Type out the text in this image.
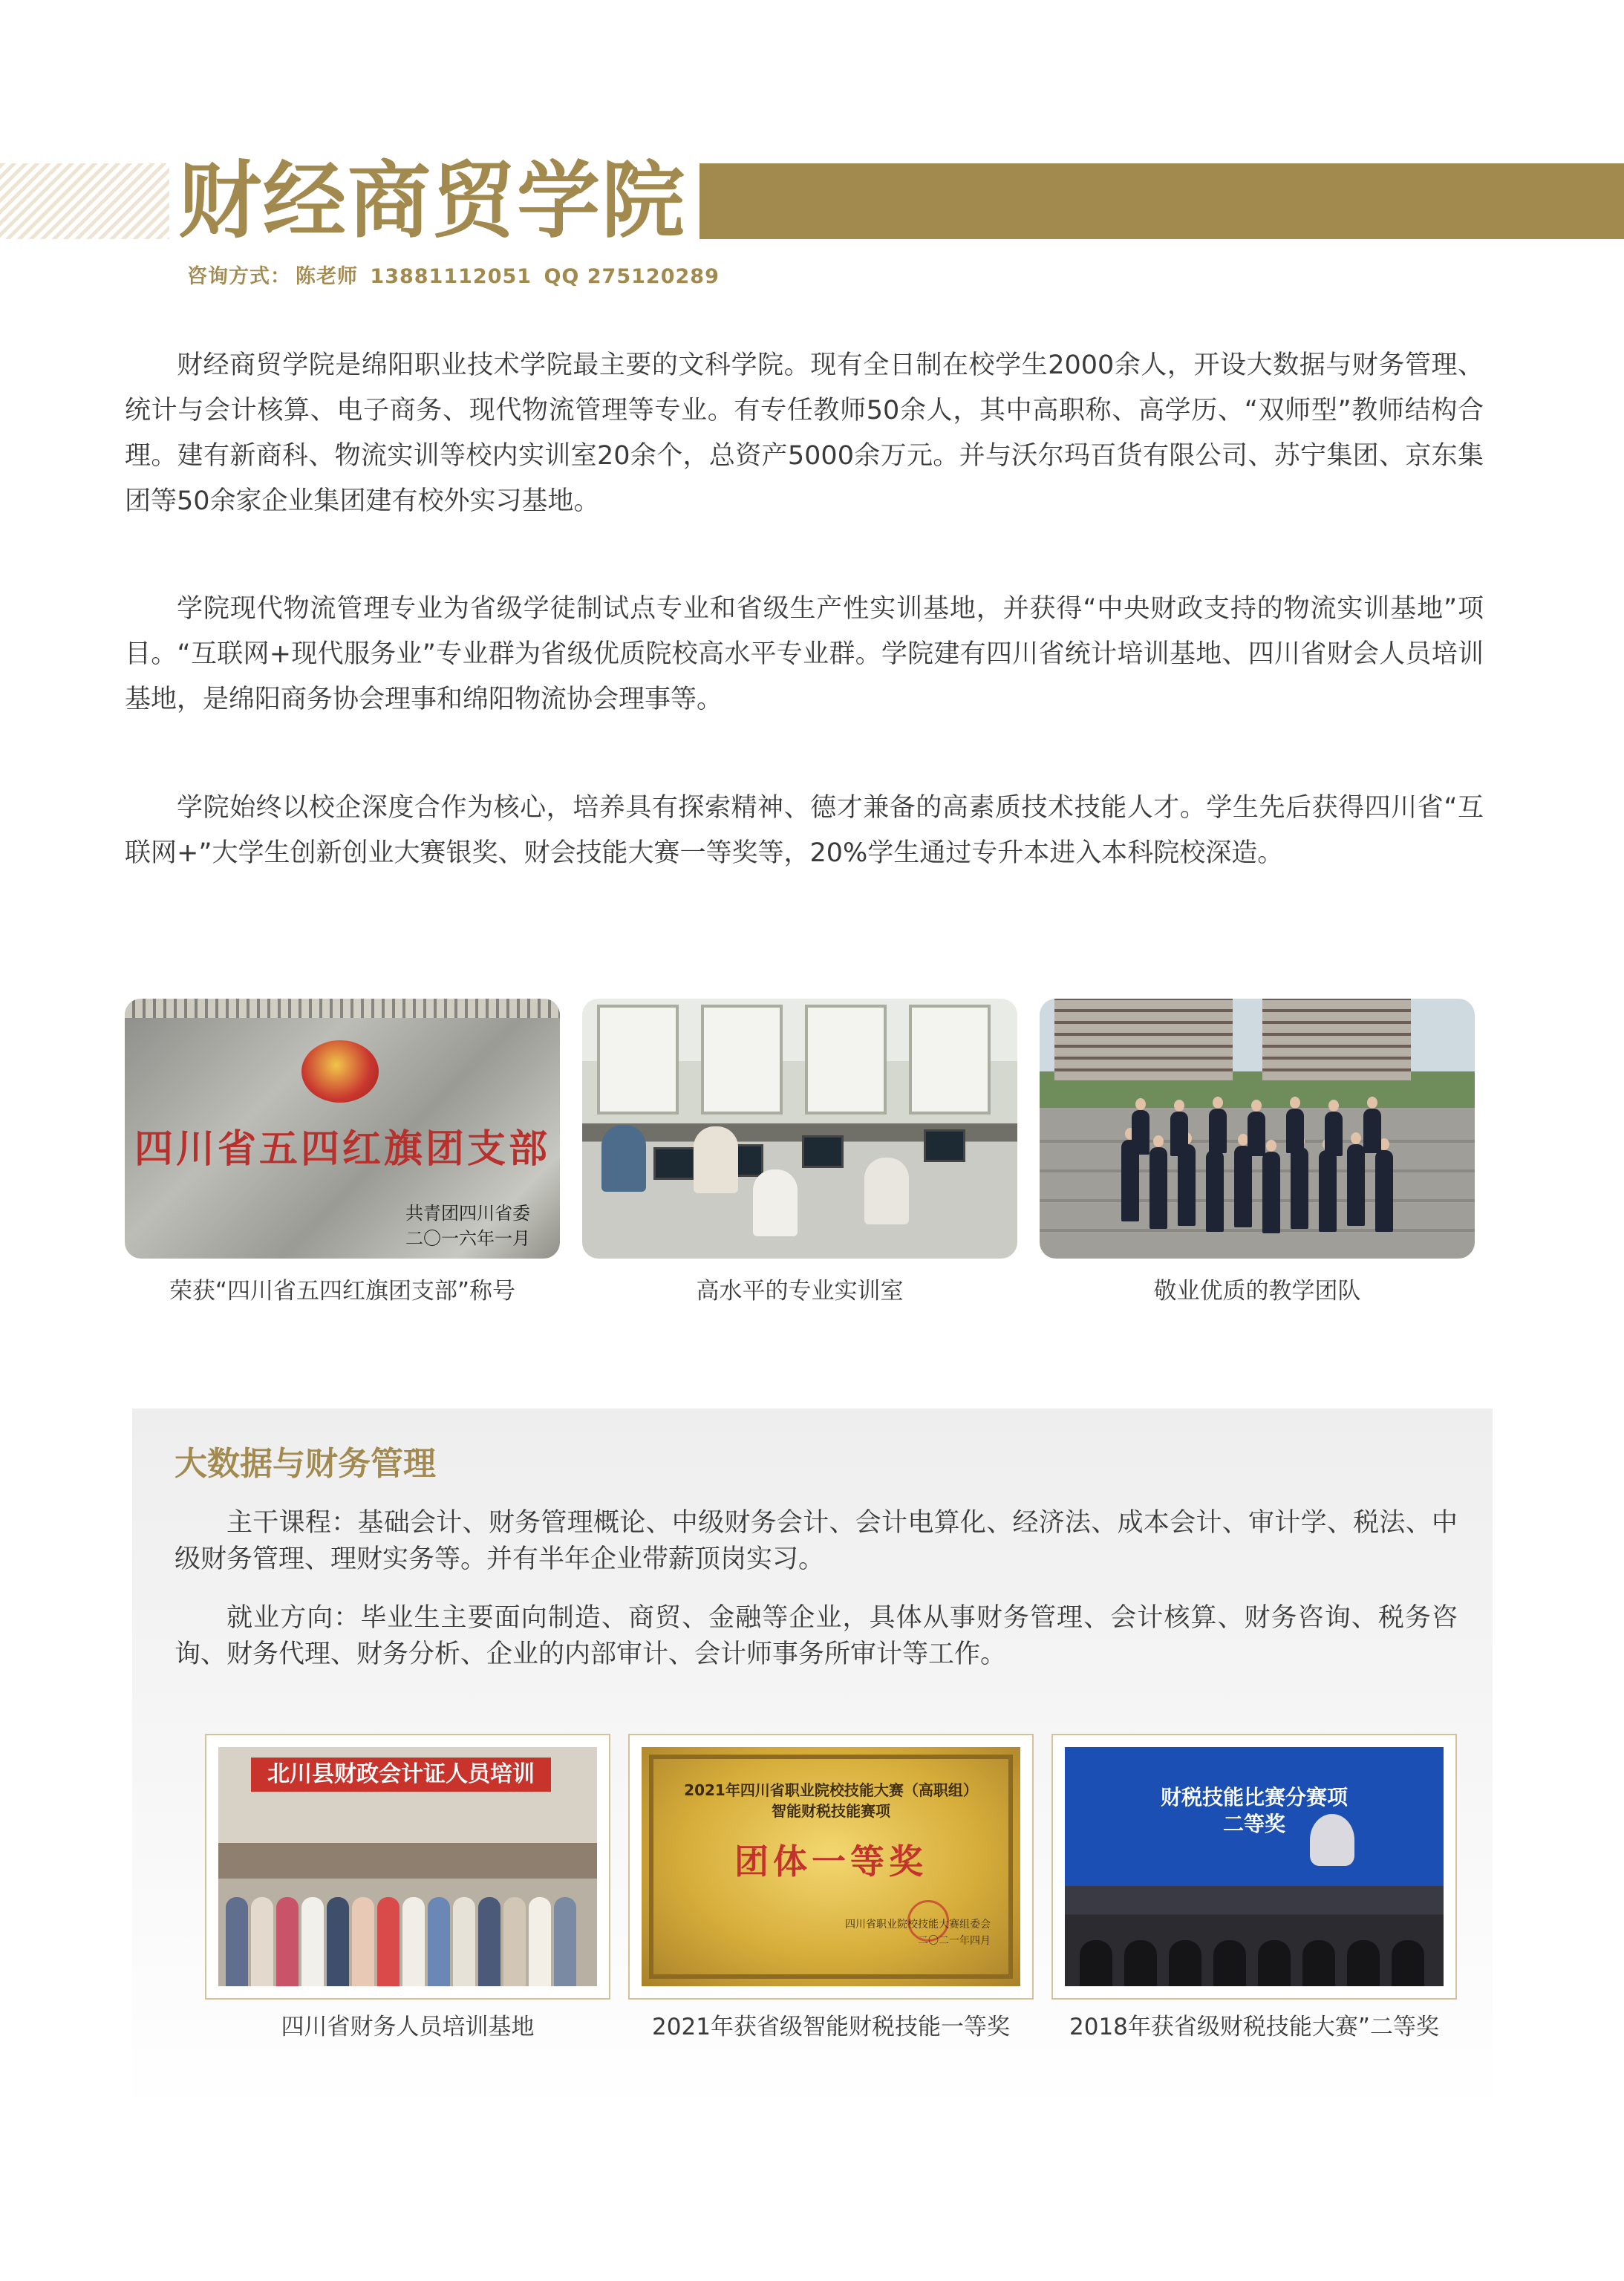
财经商贸学院
咨询方式： 陈老师 13881112051 QQ 275120289

财经商贸学院是绵阳职业技术学院最主要的文科学院。现有全日制在校学生2000余人，开设大数据与财务管理、统计与会计核算、电子商务、现代物流管理等专业。有专任教师50余人，其中高职称、高学历、“双师型”教师结构合理。建有新商科、物流实训等校内实训室20余个，总资产5000余万元。并与沃尔玛百货有限公司、苏宁集团、京东集团等50余家企业集团建有校外实习基地。

学院现代物流管理专业为省级学徒制试点专业和省级生产性实训基地，并获得“中央财政支持的物流实训基地”项目。“互联网+现代服务业”专业群为省级优质院校高水平专业群。学院建有四川省统计培训基地、四川省财会人员培训基地，是绵阳商务协会理事和绵阳物流协会理事等。

学院始终以校企深度合作为核心，培养具有探索精神、德才兼备的高素质技术技能人才。学生先后获得四川省“互联网+”大学生创新创业大赛银奖、财会技能大赛一等奖等，20%学生通过专升本进入本科院校深造。

四川省五四红旗团支部
共青团四川省委
二〇一六年一月
荣获“四川省五四红旗团支部”称号	高水平的专业实训室	敬业优质的教学团队
大数据与财务管理

主干课程：基础会计、财务管理概论、中级财务会计、会计电算化、经济法、成本会计、审计学、税法、中级财务管理、理财实务等。并有半年企业带薪顶岗实习。

就业方向：毕业生主要面向制造、商贸、金融等企业，具体从事财务管理、会计核算、财务咨询、税务咨询、财务代理、财务分析、企业的内部审计、会计师事务所审计等工作。

北川县财政会计证人员培训
四川省财务人员培训基地
2021年四川省职业院校技能大赛（高职组）
智能财税技能赛项
团体一等奖
四川省职业院校技能大赛组委会
二〇二一年四月
2021年获省级智能财税技能一等奖
财税技能比赛分赛项
二等奖
2018年获省级财税技能大赛”二等奖
